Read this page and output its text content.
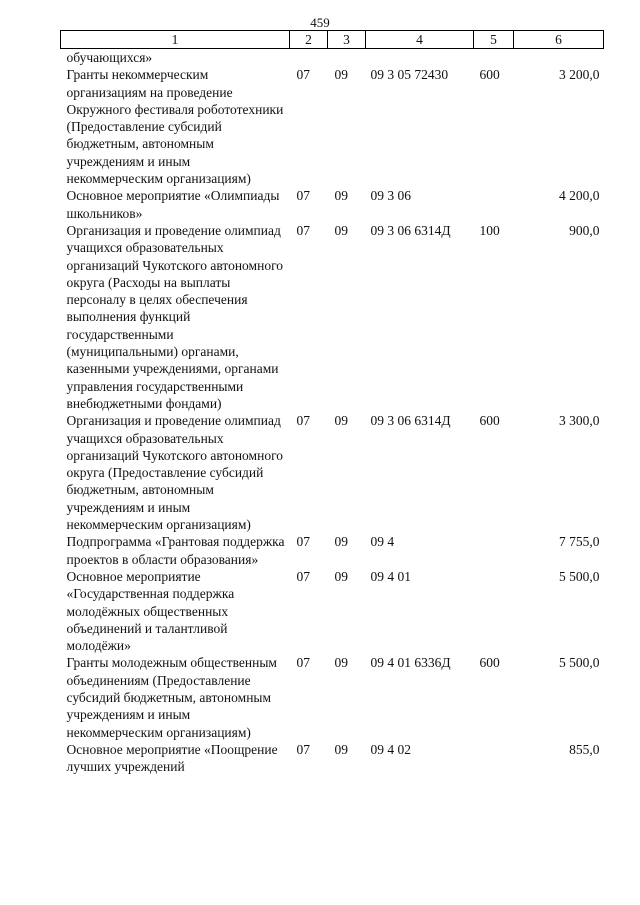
459
1	2	3	4	5	6
обучающихся»					
Гранты некоммерческим организациям на проведение Окружного фестиваля робототехники (Предоставление субсидий бюджетным, автономным учреждениям и иным некоммерческим организациям)	07	09	09 3 05 72430	600	3 200,0
Основное мероприятие «Олимпиады школьников»	07	09	09 3 06		4 200,0
Организация и проведение олимпиад учащихся образовательных организаций Чукотского автономного округа (Расходы на выплаты персоналу в целях обеспечения выполнения функций государственными (муниципальными) органами, казенными учреждениями, органами управления государственными внебюджетными фондами)	07	09	09 3 06 6314Д	100	900,0
Организация и проведение олимпиад учащихся образовательных организаций Чукотского автономного округа (Предоставление субсидий бюджетным, автономным учреждениям и иным некоммерческим организациям)	07	09	09 3 06 6314Д	600	3 300,0
Подпрограмма «Грантовая поддержка проектов в области образования»	07	09	09 4		7 755,0
Основное мероприятие «Государственная поддержка молодёжных общественных объединений и талантливой молодёжи»	07	09	09 4 01		5 500,0
Гранты молодежным общественным объединениям (Предоставление субсидий бюджетным, автономным учреждениям и иным некоммерческим организациям)	07	09	09 4 01 6336Д	600	5 500,0
Основное мероприятие «Поощрение лучших учреждений	07	09	09 4 02		855,0
